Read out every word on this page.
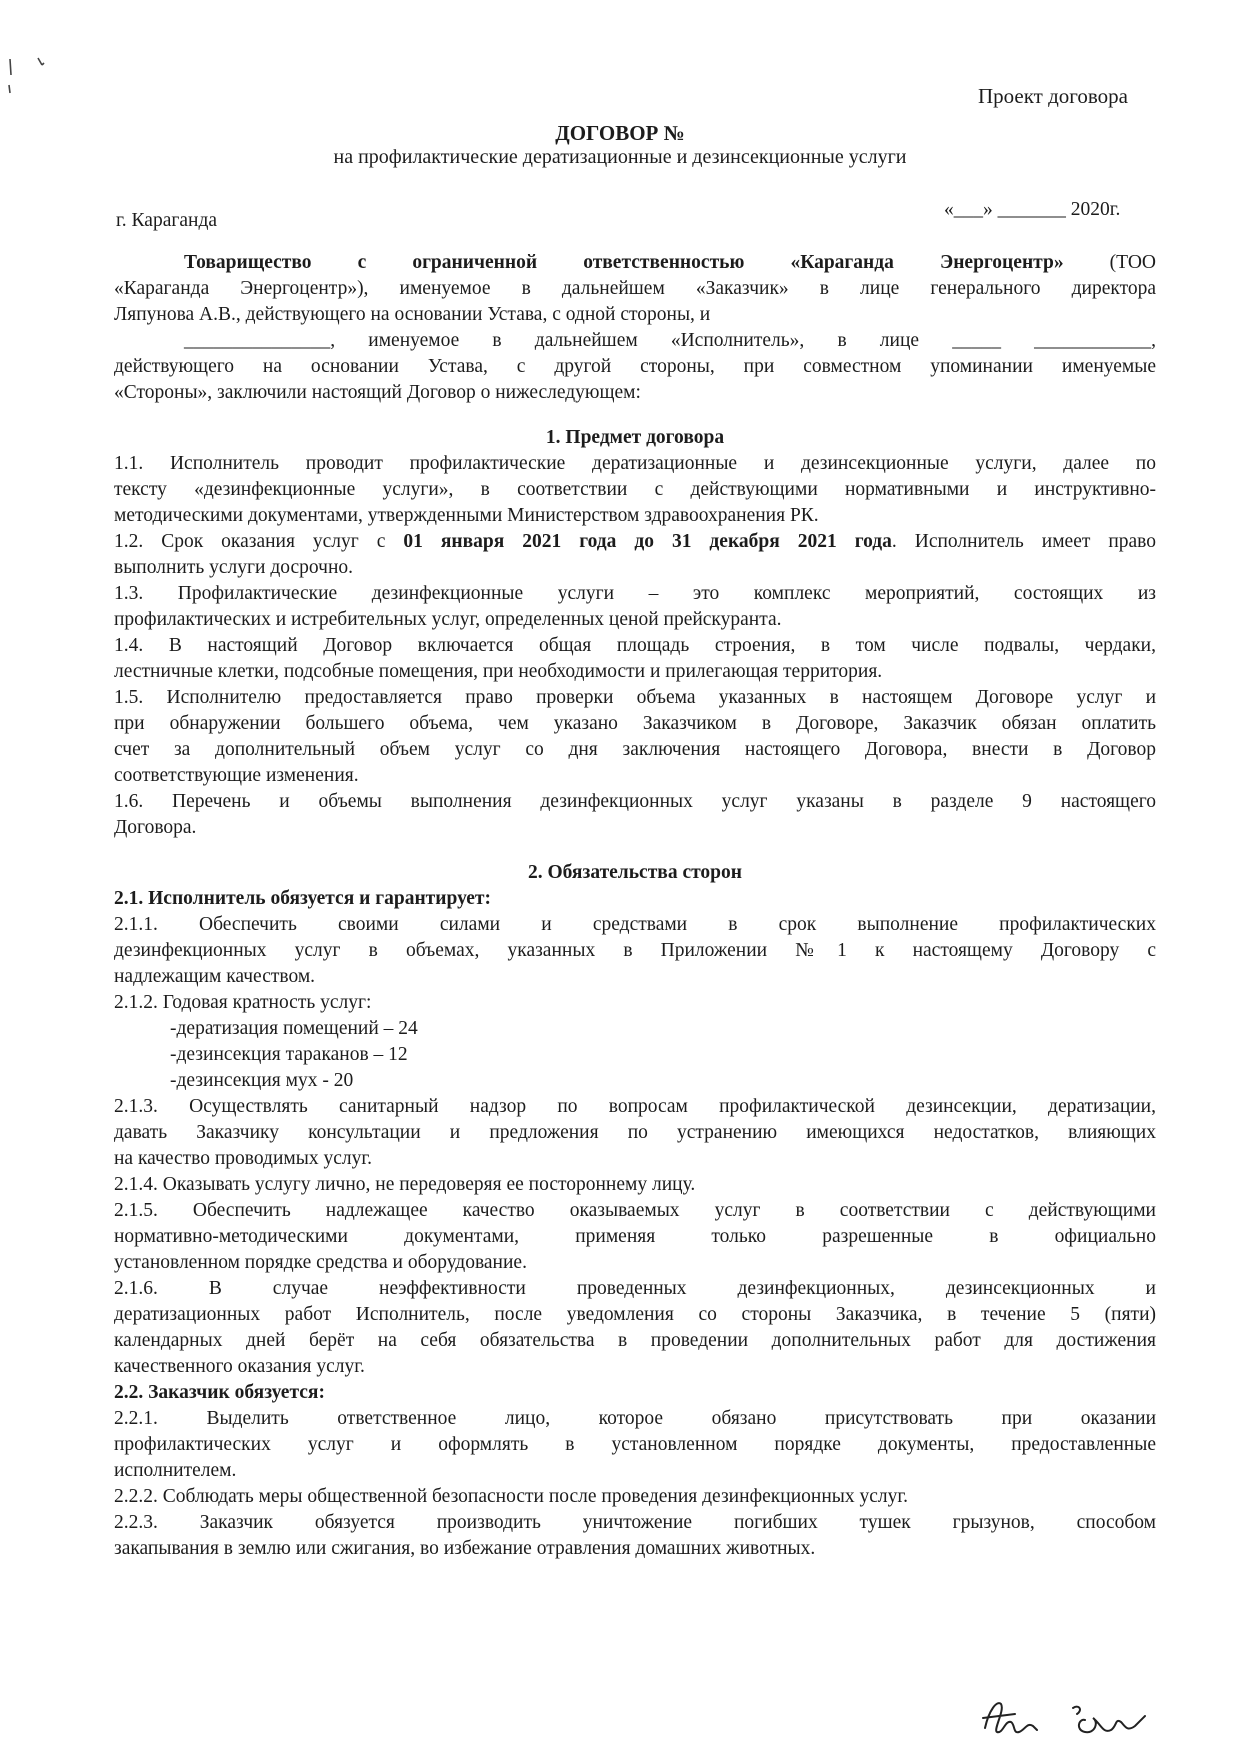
Проект договора
ДОГОВОР №
на профилактические дератизационные и дезинсекционные услуги
г. Караганда
«___» _______ 2020г.
Товарищество с ограниченной ответственностью «Караганда Энергоцентр» (ТОО
«Караганда Энергоцентр»), именуемое в дальнейшем «Заказчик» в лице генерального директора
Ляпунова А.В., действующего на основании Устава, с одной стороны, и
_______________, именуемое в дальнейшем «Исполнитель», в лице _____ ____________,
действующего на основании Устава, с другой стороны, при совместном упоминании именуемые
«Стороны», заключили настоящий Договор о нижеследующем:
1. Предмет договора
1.1. Исполнитель проводит профилактические дератизационные и дезинсекционные услуги, далее по
тексту «дезинфекционные услуги», в соответствии с действующими нормативными и инструктивно-
методическими документами, утвержденными Министерством здравоохранения РК.
1.2. Срок оказания услуг с 01 января 2021 года до 31 декабря 2021 года. Исполнитель имеет право
выполнить услуги досрочно.
1.3. Профилактические дезинфекционные услуги – это комплекс мероприятий, состоящих из
профилактических и истребительных услуг, определенных ценой прейскуранта.
1.4. В настоящий Договор включается общая площадь строения, в том числе подвалы, чердаки,
лестничные клетки, подсобные помещения, при необходимости и прилегающая территория.
1.5. Исполнителю предоставляется право проверки объема указанных в настоящем Договоре услуг и
при обнаружении большего объема, чем указано Заказчиком в Договоре, Заказчик обязан оплатить
счет за дополнительный объем услуг со дня заключения настоящего Договора, внести в Договор
соответствующие изменения.
1.6. Перечень и объемы выполнения дезинфекционных услуг указаны в разделе 9 настоящего
Договора.
2. Обязательства сторон
2.1. Исполнитель обязуется и гарантирует:
2.1.1. Обеспечить своими силами и средствами в срок выполнение профилактических
дезинфекционных услуг в объемах, указанных в Приложении №1 к настоящему Договору с
надлежащим качеством.
2.1.2. Годовая кратность услуг:
-дератизация помещений – 24
-дезинсекция тараканов – 12
-дезинсекция мух - 20
2.1.3. Осуществлять санитарный надзор по вопросам профилактической дезинсекции, дератизации,
давать Заказчику консультации и предложения по устранению имеющихся недостатков, влияющих
на качество проводимых услуг.
2.1.4. Оказывать услугу лично, не передоверяя ее постороннему лицу.
2.1.5. Обеспечить надлежащее качество оказываемых услуг в соответствии с действующими
нормативно-методическими документами, применяя только разрешенные в официально
установленном порядке средства и оборудование.
2.1.6. В случае неэффективности проведенных дезинфекционных, дезинсекционных и
дератизационных работ Исполнитель, после уведомления со стороны Заказчика, в течение 5 (пяти)
календарных дней берёт на себя обязательства в проведении дополнительных работ для достижения
качественного оказания услуг.
2.2. Заказчик обязуется:
2.2.1. Выделить ответственное лицо, которое обязано присутствовать при оказании
профилактических услуг и оформлять в установленном порядке документы, предоставленные
исполнителем.
2.2.2. Соблюдать меры общественной безопасности после проведения дезинфекционных услуг.
2.2.3. Заказчик обязуется производить уничтожение погибших тушек грызунов, способом
закапывания в землю или сжигания, во избежание отравления домашних животных.
